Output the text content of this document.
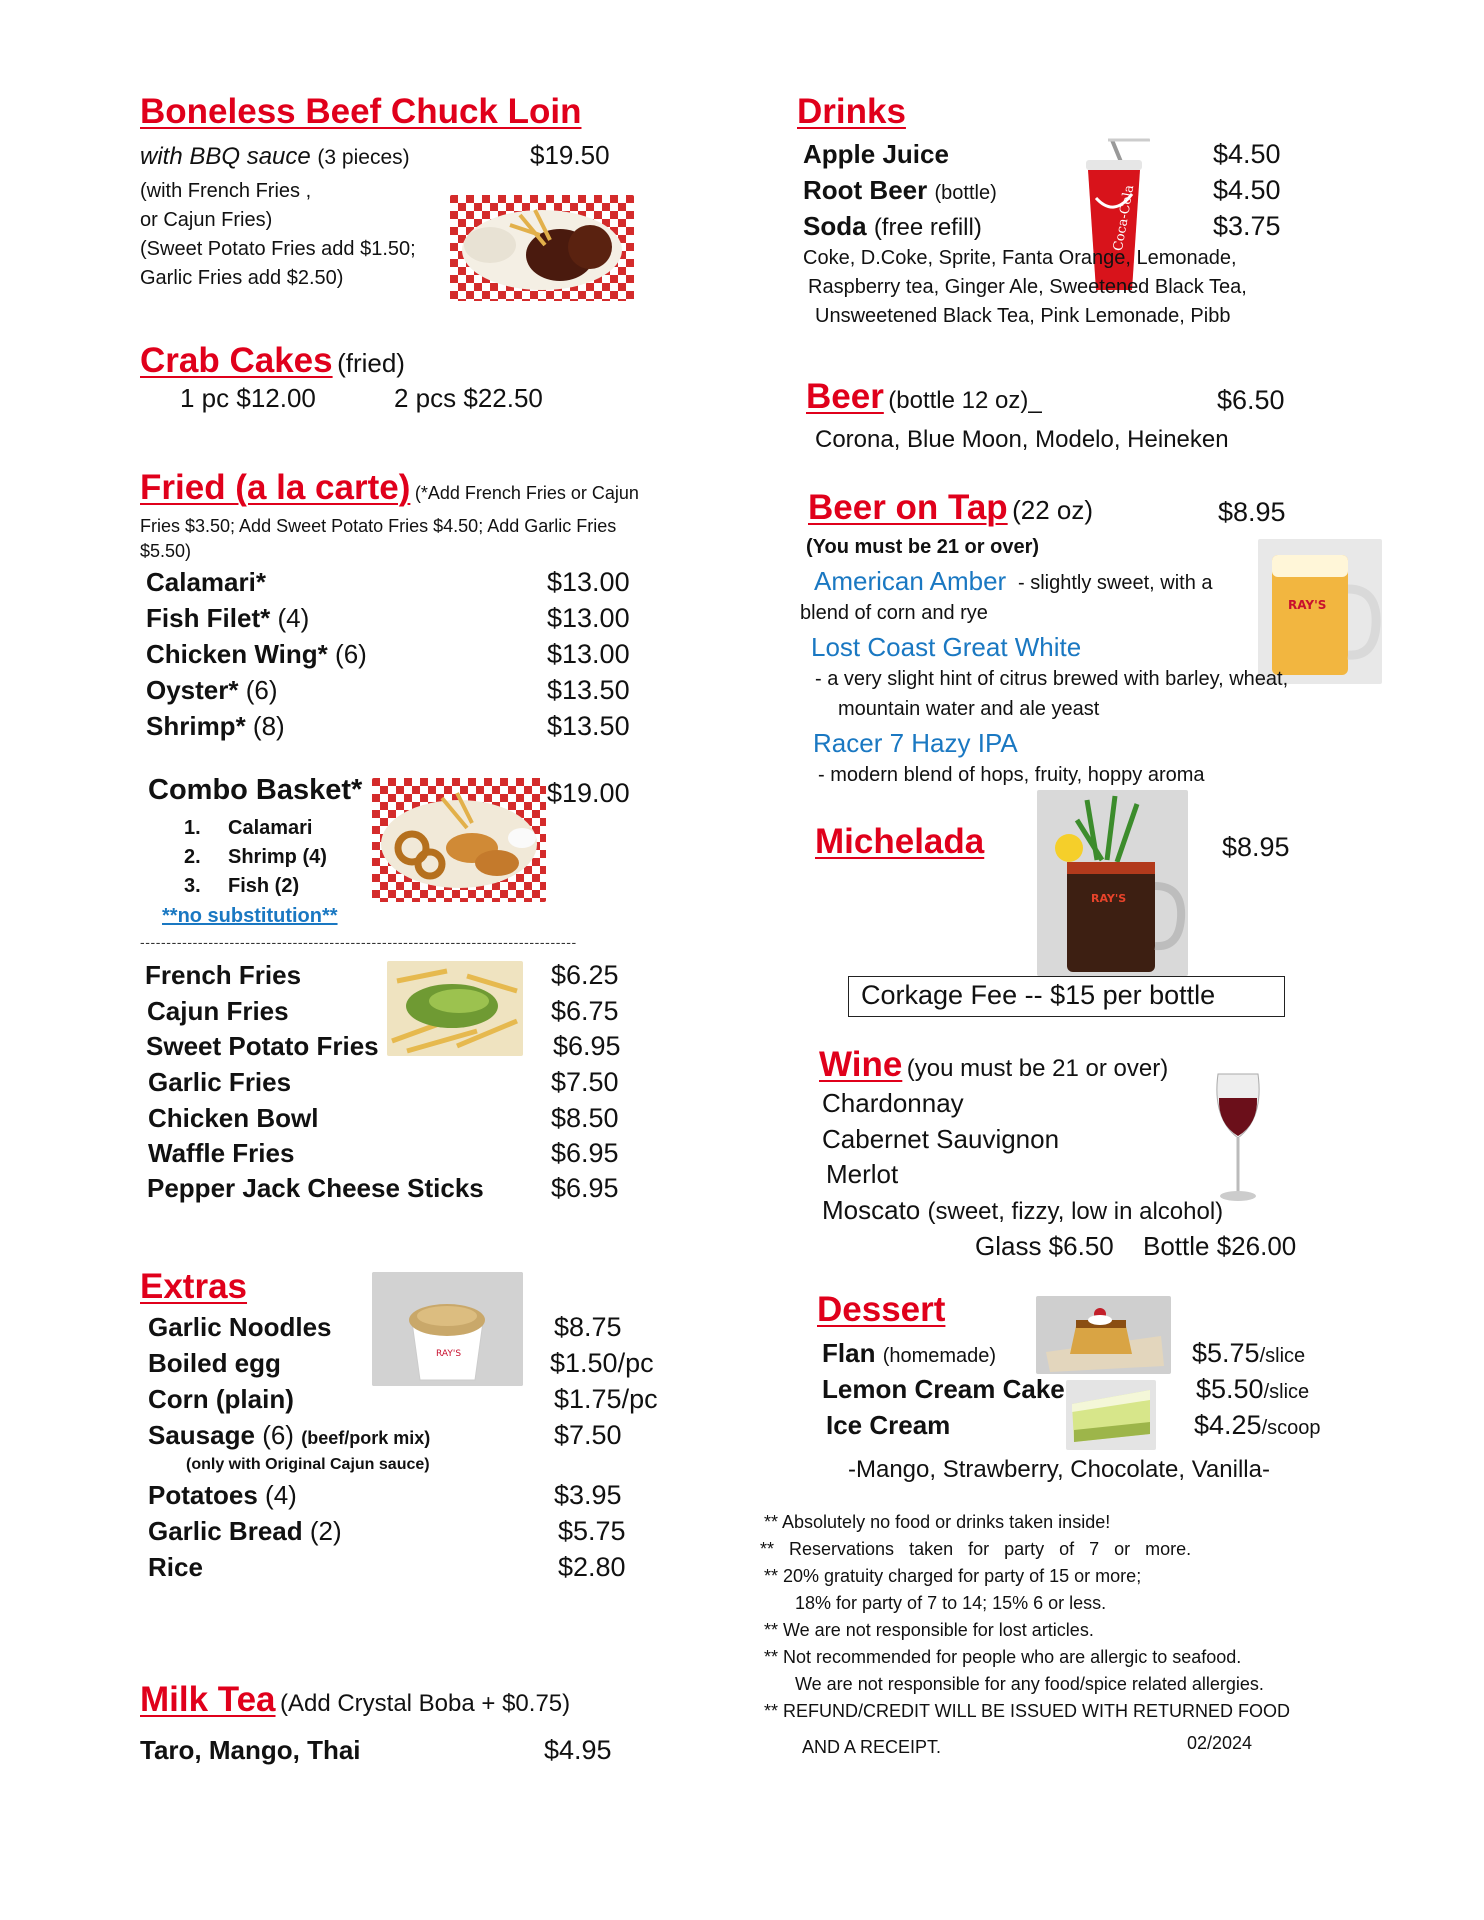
Boneless Beef Chuck Loin
with BBQ sauce (3 pieces)	$19.50
(with French Fries ,
or Cajun Fries)
(Sweet Potato Fries add $1.50;
Garlic Fries add $2.50)
Crab Cakes (fried)
1 pc $12.00	2 pcs $22.50
Fried (a la carte) (*Add French Fries or Cajun
Fries $3.50; Add Sweet Potato Fries $4.50; Add Garlic Fries
$5.50)
Calamari*	$13.00
Fish Filet* (4)	$13.00
Chicken Wing* (6)	$13.00
Oyster* (6)	$13.50
Shrimp* (8)	$13.50
Combo Basket*	$19.00
1. Calamari
2. Shrimp (4)
3. Fish (2)
**no substitution**
-----------------------------------------------------------------------------------
French Fries	$6.25
Cajun Fries	$6.75
Sweet Potato Fries	$6.95
Garlic Fries	$7.50
Chicken Bowl	$8.50
Waffle Fries	$6.95
Pepper Jack Cheese Sticks $6.95
Extras
RAY'S
Garlic Noodles	$8.75
Boiled egg	$1.50/pc
Corn (plain)	$1.75/pc
Sausage (6) (beef/pork mix)	$7.50
(only with Original Cajun sauce)
Potatoes (4)	$3.95
Garlic Bread (2)	$5.75
Rice	$2.80
Milk Tea (Add Crystal Boba + $0.75)
Taro, Mango, Thai	$4.95
Drinks
Coca-Cola
Apple Juice	$4.50
Root Beer (bottle)	$4.50
Soda (free refill)	$3.75
Coke, D.Coke, Sprite, Fanta Orange, Lemonade,
Raspberry tea, Ginger Ale, Sweetened Black Tea,
Unsweetened Black Tea, Pink Lemonade, Pibb
Beer (bottle 12 oz)_	$6.50
Corona, Blue Moon, Modelo, Heineken
Beer on Tap (22 oz)	$8.95
(You must be 21 or over)
RAY'S
American Amber - slightly sweet, with a
blend of corn and rye
Lost Coast Great White
- a very slight hint of citrus brewed with barley, wheat,
mountain water and ale yeast
Racer 7 Hazy IPA
- modern blend of hops, fruity, hoppy aroma
Michelada	$8.95
RAY'S
Corkage Fee -- $15 per bottle
Wine (you must be 21 or over)
Chardonnay
Cabernet Sauvignon
Merlot
Moscato (sweet, fizzy, low in alcohol)
Glass $6.50 Bottle $26.00
Dessert
Flan (homemade)	$5.75/slice
Lemon Cream Cake	$5.50/slice
Ice Cream	$4.25/scoop
-Mango, Strawberry, Chocolate, Vanilla-
** Absolutely no food or drinks taken inside!
**   Reservations   taken   for   party   of   7   or   more.
** 20% gratuity charged for party of 15 or more;
18% for party of 7 to 14; 15% 6 or less.
** We are not responsible for lost articles.
** Not recommended for people who are allergic to seafood.
We are not responsible for any food/spice related allergies.
** REFUND/CREDIT WILL BE ISSUED WITH RETURNED FOOD
AND A RECEIPT.	02/2024
